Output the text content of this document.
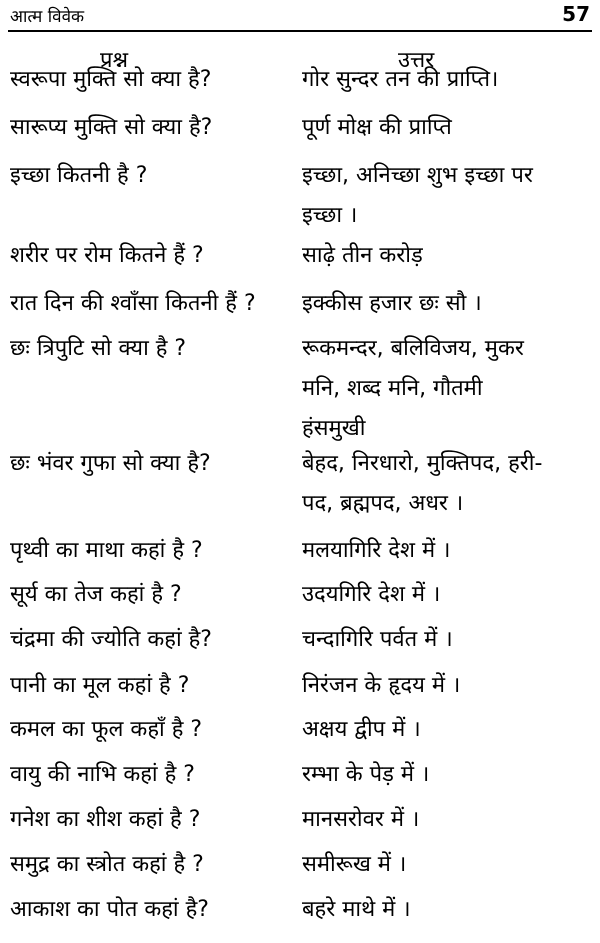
आत्म विवेक	57
प्रश्न	उत्तर
स्वरूपा मुक्ति सो क्या है?	गोर सुन्दर तन की प्राप्ति।
सारूप्य मुक्ति सो क्या है?	पूर्ण मोक्ष की प्राप्ति
इच्छा कितनी है ?	इच्छा, अनिच्छा शुभ इच्छा पर
इच्छा ।
शरीर पर रोम कितने हैं ?	साढ़े तीन करोड़
रात दिन की श्वाँसा कितनी हैं ?	इक्कीस हजार छः सौ ।
छः त्रिपुटि सो क्या है ?	रूकमन्दर, बलिविजय, मुकर
मनि, शब्द मनि, गौतमी
हंसमुखी
छः भंवर गुफा सो क्या है?	बेहद, निरधारो, मुक्तिपद, हरी-
पद, ब्रह्मपद, अधर ।
पृथ्वी का माथा कहां है ?	मलयागिरि देश में ।
सूर्य का तेज कहां है ?	उदयगिरि देश में ।
चंद्रमा की ज्योति कहां है?	चन्दागिरि पर्वत में ।
पानी का मूल कहां है ?	निरंजन के हृदय में ।
कमल का फूल कहाँ है ?	अक्षय द्वीप में ।
वायु की नाभि कहां है ?	रम्भा के पेड़ में ।
गनेश का शीश कहां है ?	मानसरोवर में ।
समुद्र का स्त्रोत कहां है ?	समीरूख में ।
आकाश का पोत कहां है?	बहरे माथे में ।
